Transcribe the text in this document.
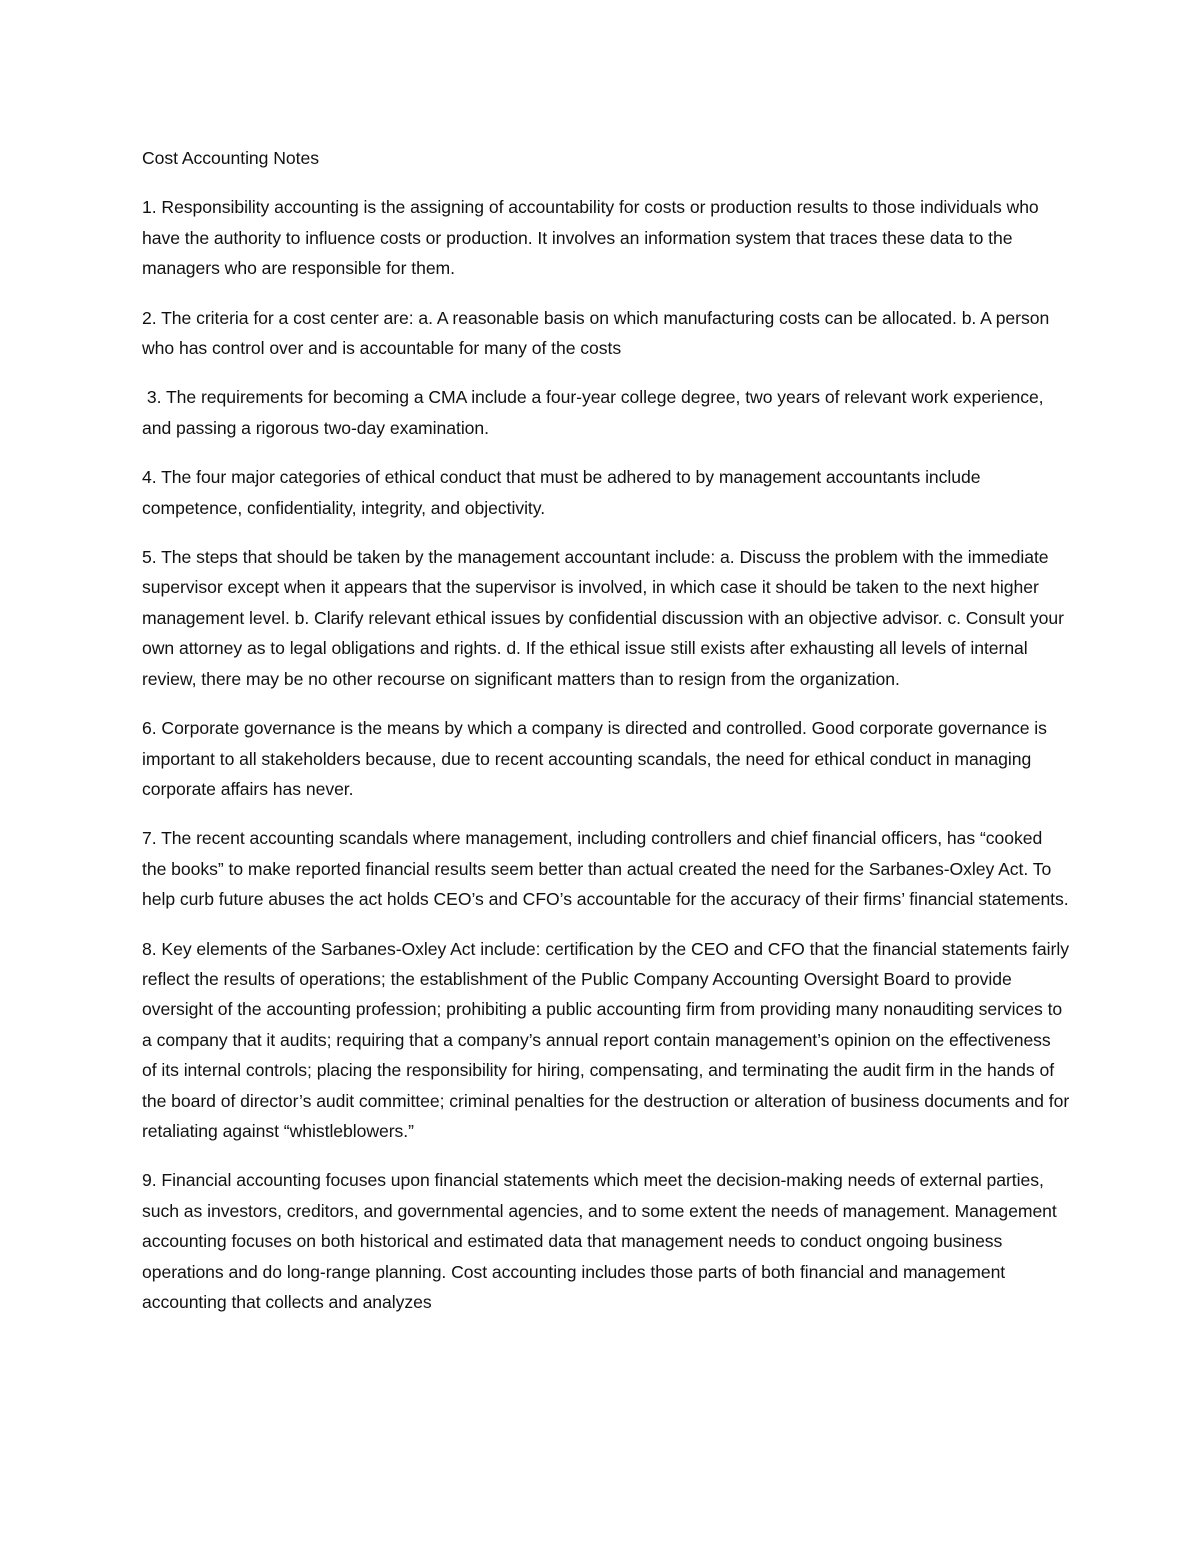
Cost Accounting Notes

1. Responsibility accounting is the assigning of accountability for costs or production results to those individuals who have the authority to influence costs or production. It involves an information system that traces these data to the managers who are responsible for them.

2. The criteria for a cost center are: a. A reasonable basis on which manufacturing costs can be allocated. b. A person who has control over and is accountable for many of the costs

3. The requirements for becoming a CMA include a four-year college degree, two years of relevant work experience, and passing a rigorous two-day examination.

4. The four major categories of ethical conduct that must be adhered to by management accountants include competence, confidentiality, integrity, and objectivity.

5. The steps that should be taken by the management accountant include: a. Discuss the problem with the immediate supervisor except when it appears that the supervisor is involved, in which case it should be taken to the next higher management level. b. Clarify relevant ethical issues by confidential discussion with an objective advisor. c. Consult your own attorney as to legal obligations and rights. d. If the ethical issue still exists after exhausting all levels of internal review, there may be no other recourse on significant matters than to resign from the organization.

6. Corporate governance is the means by which a company is directed and controlled. Good corporate governance is important to all stakeholders because, due to recent accounting scandals, the need for ethical conduct in managing corporate affairs has never.

7. The recent accounting scandals where management, including controllers and chief financial officers, has “cooked the books” to make reported financial results seem better than actual created the need for the Sarbanes-Oxley Act. To help curb future abuses the act holds CEO’s and CFO’s accountable for the accuracy of their firms’ financial statements.

8. Key elements of the Sarbanes-Oxley Act include: certification by the CEO and CFO that the financial statements fairly reflect the results of operations; the establishment of the Public Company Accounting Oversight Board to provide oversight of the accounting profession; prohibiting a public accounting firm from providing many nonauditing services to a company that it audits; requiring that a company’s annual report contain management’s opinion on the effectiveness of its internal controls; placing the responsibility for hiring, compensating, and terminating the audit firm in the hands of the board of director’s audit committee; criminal penalties for the destruction or alteration of business documents and for retaliating against “whistleblowers.”

9. Financial accounting focuses upon financial statements which meet the decision-making needs of external parties, such as investors, creditors, and governmental agencies, and to some extent the needs of management. Management accounting focuses on both historical and estimated data that management needs to conduct ongoing business operations and do long-range planning. Cost accounting includes those parts of both financial and management accounting that collects and analyzes
